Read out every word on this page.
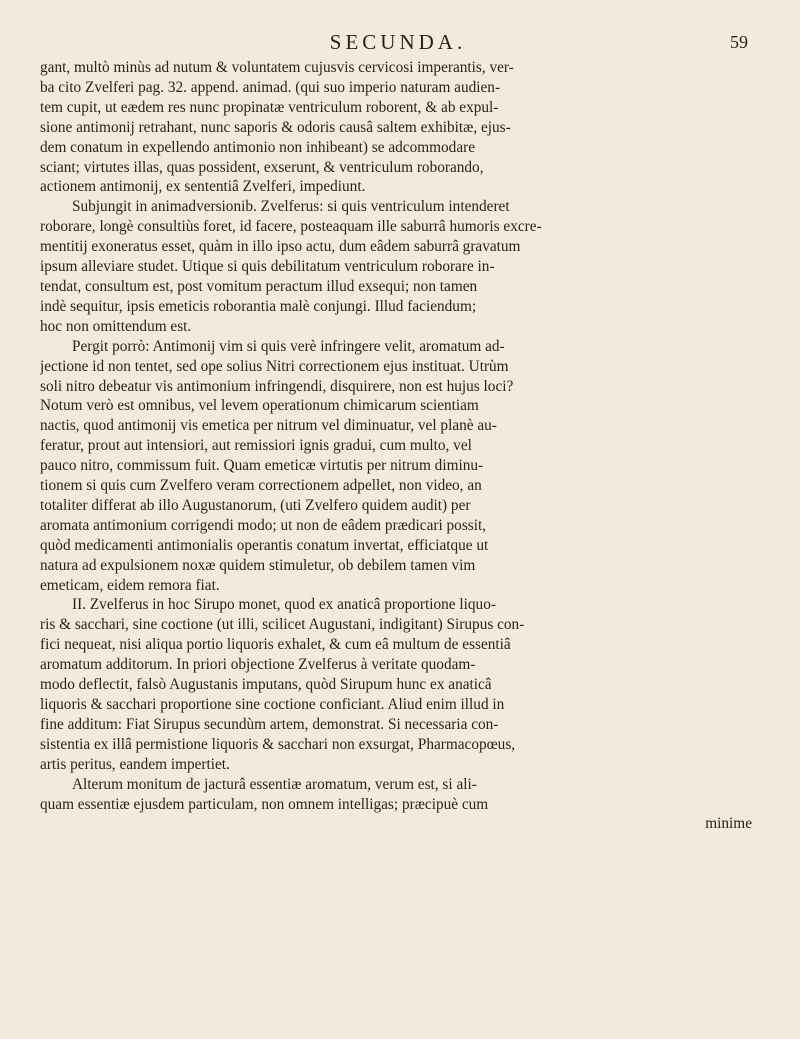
SECUNDA.	59
gant, multò minùs ad nutum & voluntatem cujusvis cervicosi imperantis, ver-
ba cito Zvelferi pag. 32. append. animad. (qui suo imperio naturam audien-
tem cupit, ut eædem res nunc propinatæ ventriculum roborent, & ab expul-
sione antimonij retrahant, nunc saporis & odoris causâ saltem exhibitæ, ejus-
dem conatum in expellendo antimonio non inhibeant) se adcommodare
sciant; virtutes illas, quas possident, exserunt, & ventriculum roborando,
actionem antimonij, ex sententiâ Zvelferi, impediunt.
Subjungit in animadversionib. Zvelferus: si quis ventriculum intenderet
roborare, longè consultiùs foret, id facere, posteaquam ille saburrâ humoris excre-
mentitij exoneratus esset, quàm in illo ipso actu, dum eâdem saburrâ gravatum
ipsum alleviare studet. Utique si quis debilitatum ventriculum roborare in-
tendat, consultum est, post vomitum peractum illud exsequi; non tamen
indè sequitur, ipsis emeticis roborantia malè conjungi. Illud faciendum;
hoc non omittendum est.
Pergit porrò: Antimonij vim si quis verè infringere velit, aromatum ad-
jectione id non tentet, sed ope solius Nitri correctionem ejus instituat. Utrùm
soli nitro debeatur vis antimonium infringendi, disquirere, non est hujus loci?
Notum verò est omnibus, vel levem operationum chimicarum scientiam
nactis, quod antimonij vis emetica per nitrum vel diminuatur, vel planè au-
feratur, prout aut intensiori, aut remissiori ignis gradui, cum multo, vel
pauco nitro, commissum fuit. Quam emeticæ virtutis per nitrum diminu-
tionem si quis cum Zvelfero veram correctionem adpellet, non video, an
totaliter differat ab illo Augustanorum, (uti Zvelfero quidem audit) per
aromata antimonium corrigendi modo; ut non de eâdem prædicari possit,
quòd medicamenti antimonialis operantis conatum invertat, efficiatque ut
natura ad expulsionem noxæ quidem stimuletur, ob debilem tamen vim
emeticam, eidem remora fiat.
II. Zvelferus in hoc Sirupo monet, quod ex anaticâ proportione liquo-
ris & sacchari, sine coctione (ut illi, scilicet Augustani, indigitant) Sirupus con-
fici nequeat, nisi aliqua portio liquoris exhalet, & cum eâ multum de essentiâ
aromatum additorum. In priori objectione Zvelferus à veritate quodam-
modo deflectit, falsò Augustanis imputans, quòd Sirupum hunc ex anaticâ
liquoris & sacchari proportione sine coctione conficiant. Aliud enim illud in
fine additum: Fiat Sirupus secundùm artem, demonstrat. Si necessaria con-
sistentia ex illâ permistione liquoris & sacchari non exsurgat, Pharmacopœus,
artis peritus, eandem impertiet.
Alterum monitum de jacturâ essentiæ aromatum, verum est, si ali-
quam essentiæ ejusdem particulam, non omnem intelligas; præcipuè cum
minime
